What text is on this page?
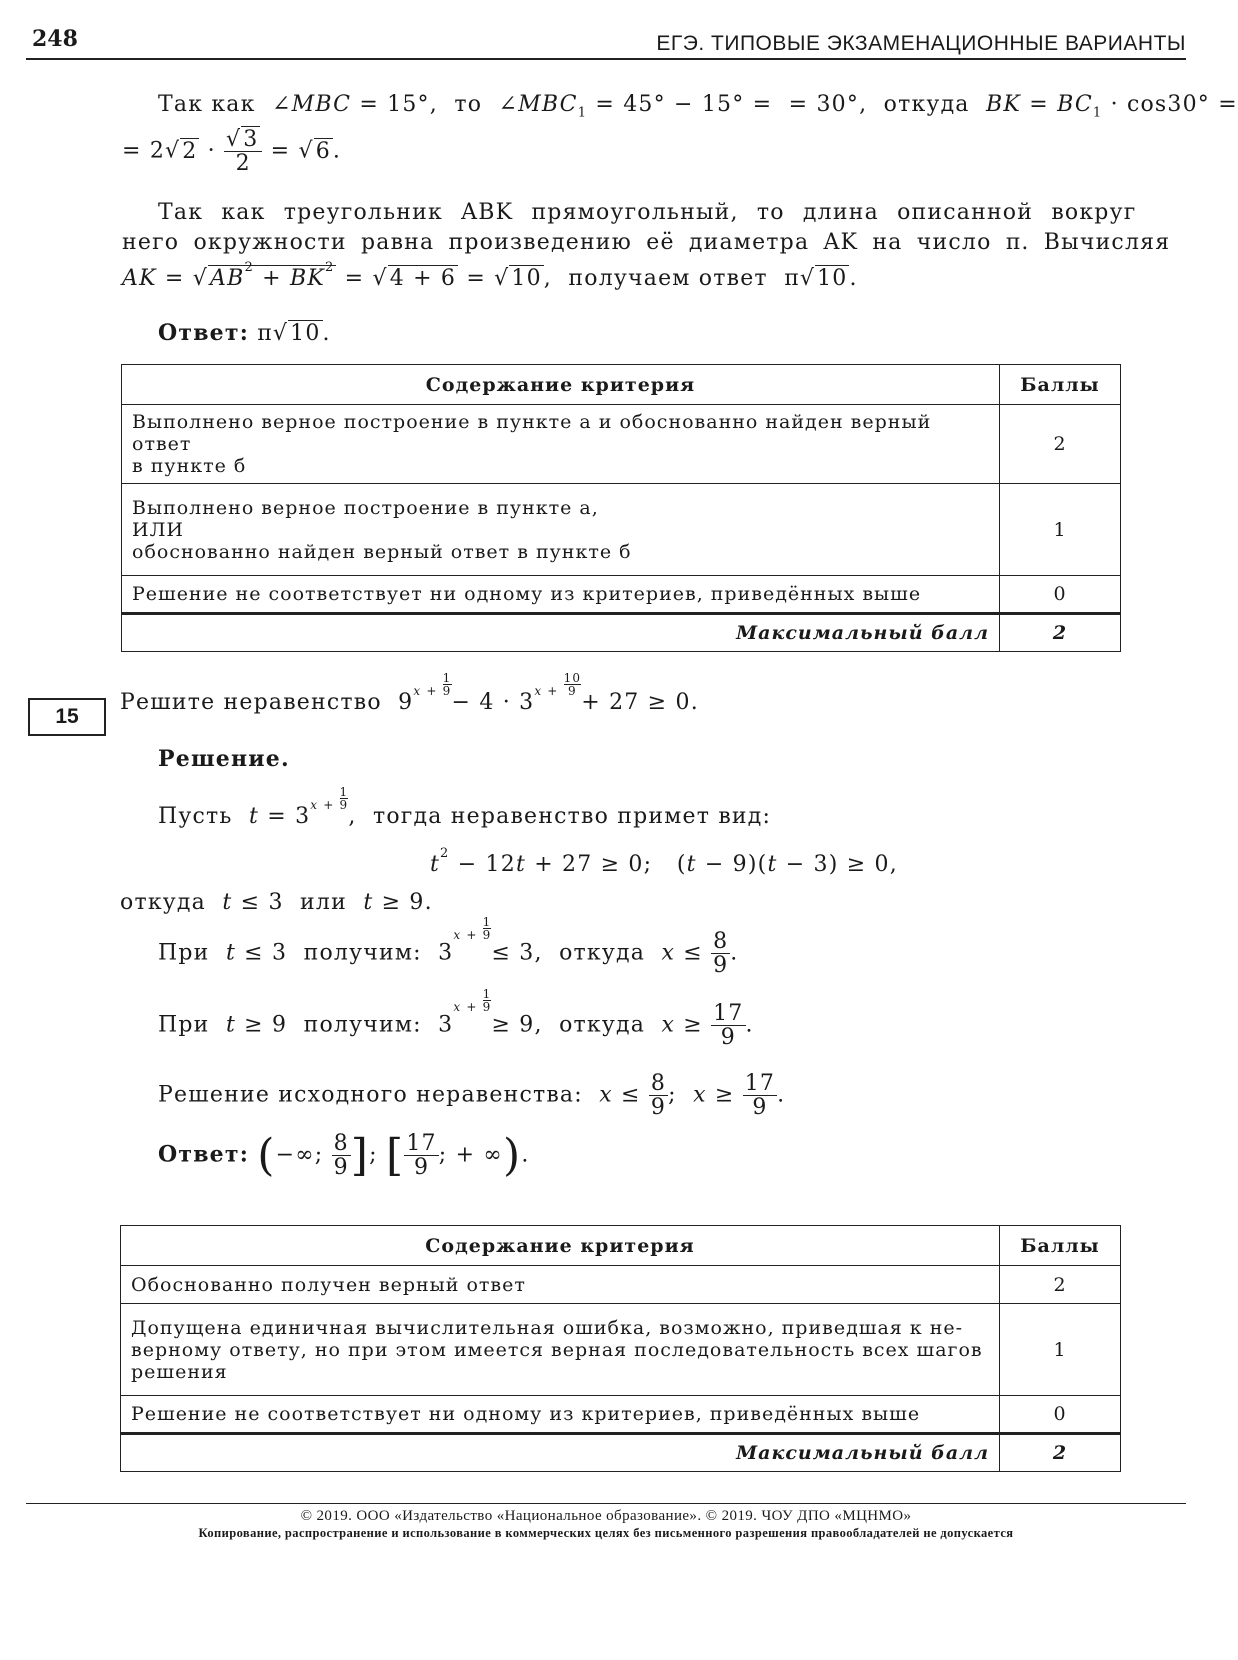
248	ЕГЭ. ТИПОВЫЕ ЭКЗАМЕНАЦИОННЫЕ ВАРИАНТЫ
Так как ∠MBC = 15°,  то $\angle MBC_1 = 45^\circ - 15^\circ$ =  = 30°,  откуда BK = $BC_1 \cdot \cos 30^\circ$ =
= $2√2 \cdot \frac{√3}{2} = √6$.
Так как треугольник ABK прямоугольный, то длина описанной вокруг
него окружности равна произведению её диаметра AK на число π. Вычисляя
AK = $√AB^2 + BK^2 = √4 + 6 = √10$,  получаем ответ  π√10.
Ответ: π√10.
Содержание критерия	Баллы

Выполнено верное построение в пункте а и обоснованно найден верный ответ
в пункте б	2

Выполнено верное построение в пункте а,
ИЛИ
обоснованно найден верный ответ в пункте б	1
Решение не соответствует ни одному из критериев, приведённых выше	0
Максимальный балл	2
15
Решите неравенство  9 $x + \frac{1}{9}$
− 4 · 3 $x + \frac{10}{9}$
+ 27 ≥ 0.
Решение.
Пусть t = 3 $x + \frac{1}{9}$
,  тогда неравенство примет вид:
$t^2 - 12t + 27 \ge 0$;   (t − 9)(t − 3) ≥ 0,
откуда t ≤ 3  или t ≥ 9.
При t ≤ 3  получим:  3
$x + \frac{1}{9}$
≤ 3,  откуда $x \le \frac{8}{9}$ .
При t ≥ 9  получим:  3
$x + \frac{1}{9}$
≥ 9,  откуда $x \ge \frac{17}{9}$ .
Решение исходного неравенства: $x \le \frac{8}{9}$ ;  $x \ge \frac{17}{9}$ .
Ответ: (−∞; $\frac{8}{9}$ ]; [ $\frac{17}{9}$ ; + ∞).
Содержание критерия	Баллы
Обоснованно получен верный ответ	2

Допущена единичная вычислительная ошибка, возможно, приведшая к не-
верному ответу, но при этом имеется верная последовательность всех шагов
решения	1
Решение не соответствует ни одному из критериев, приведённых выше	0
Максимальный балл	2
© 2019. ООО «Издательство «Национальное образование». © 2019. ЧОУ ДПО «МЦНМО»
Копирование, распространение и использование в коммерческих целях без письменного разрешения правообладателей не допускается
